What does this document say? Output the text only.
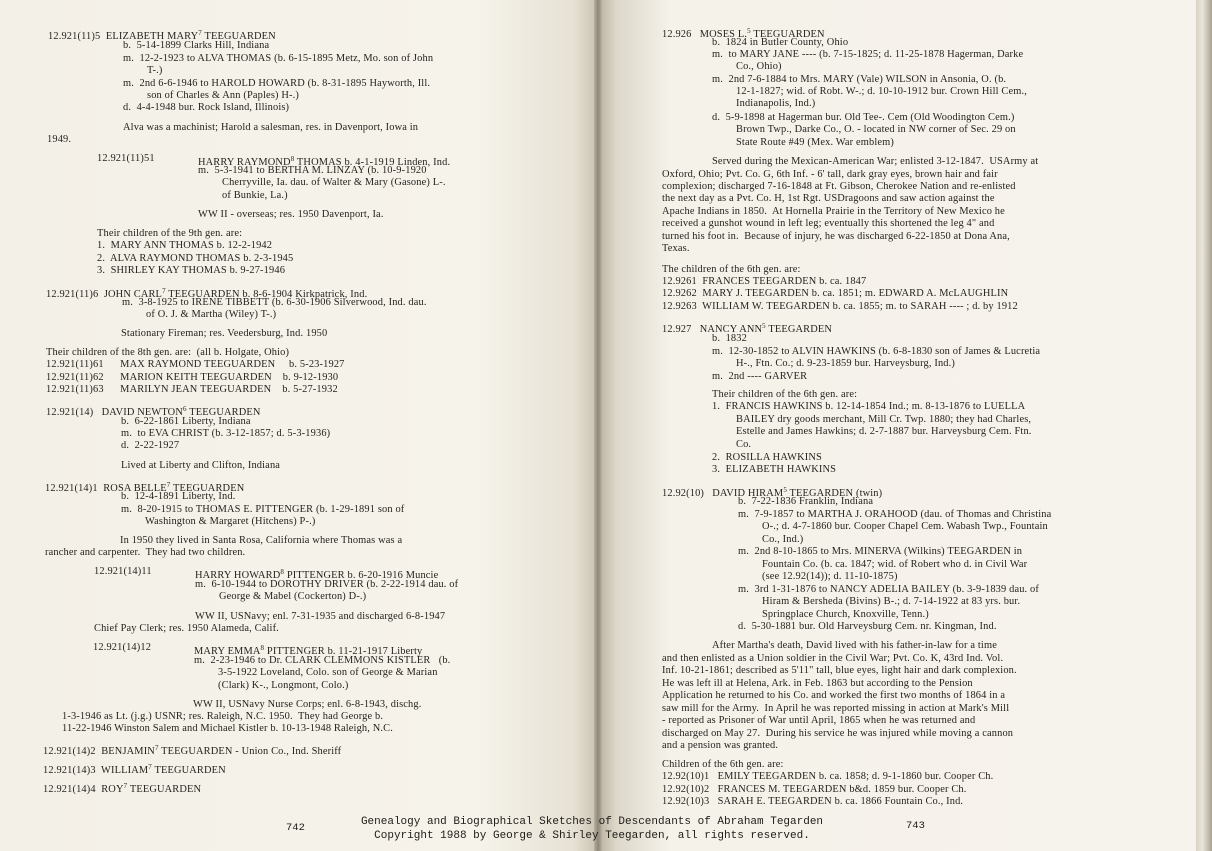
12.921(11)5  ELIZABETH MARY$^7$ TEEGUARDEN

b.  5-14-1899 Clarks Hill, Indiana

m.  12-2-1923 to ALVA THOMAS (b. 6-15-1895 Metz, Mo. son of John

T-.)

m.  2nd 6-6-1946 to HAROLD HOWARD (b. 8-31-1895 Hayworth, Ill.

son of Charles & Ann (Paples) H-.)

d.  4-4-1948 bur. Rock Island, Illinois)

Alva was a machinist; Harold a salesman, res. in Davenport, Iowa in

1949.

12.921(11)51	HARRY RAYMOND$^8$ THOMAS b. 4-1-1919 Linden, Ind.

m.  5-3-1941 to BERTHA M. LINZAY (b. 10-9-1920

Cherryville, Ia. dau. of Walter & Mary (Gasone) L-.

of Bunkie, La.)

WW II - overseas; res. 1950 Davenport, Ia.

Their children of the 9th gen. are:

1.  MARY ANN THOMAS b. 12-2-1942

2.  ALVA RAYMOND THOMAS b. 2-3-1945

3.  SHIRLEY KAY THOMAS b. 9-27-1946

12.921(11)6  JOHN CARL$^7$ TEEGUARDEN b. 8-6-1904 Kirkpatrick, Ind.

m.  3-8-1925 to IRENE TIBBETT (b. 6-30-1906 Silverwood, Ind. dau.

of O. J. & Martha (Wiley) T-.)

Stationary Fireman; res. Veedersburg, Ind. 1950

Their children of the 8th gen. are:  (all b. Holgate, Ohio)

12.921(11)61      MAX RAYMOND TEEGUARDEN     b. 5-23-1927

12.921(11)62      MARION KEITH TEEGUARDEN    b. 9-12-1930

12.921(11)63      MARILYN JEAN TEEGUARDEN    b. 5-27-1932

12.921(14)   DAVID NEWTON$^6$ TEEGUARDEN

b.  6-22-1861 Liberty, Indiana

m.  to EVA CHRIST (b. 3-12-1857; d. 5-3-1936)

d.  2-22-1927

Lived at Liberty and Clifton, Indiana

12.921(14)1  ROSA BELLE$^7$ TEEGUARDEN

b.  12-4-1891 Liberty, Ind.

m.  8-20-1915 to THOMAS E. PITTENGER (b. 1-29-1891 son of

Washington & Margaret (Hitchens) P-.)

In 1950 they lived in Santa Rosa, California where Thomas was a

rancher and carpenter.  They had two children.

12.921(14)11	HARRY HOWARD$^8$ PITTENGER b. 6-20-1916 Muncie

m.  6-10-1944 to DOROTHY DRIVER (b. 2-22-1914 dau. of

George & Mabel (Cockerton) D-.)

WW II, USNavy; enl. 7-31-1935 and discharged 6-8-1947

Chief Pay Clerk; res. 1950 Alameda, Calif.

12.921(14)12	MARY EMMA$^8$ PITTENGER b. 11-21-1917 Liberty

m.  2-23-1946 to Dr. CLARK CLEMMONS KISTLER   (b.

3-5-1922 Loveland, Colo. son of George & Marian

(Clark) K-., Longmont, Colo.)

WW II, USNavy Nurse Corps; enl. 6-8-1943, dischg.

1-3-1946 as Lt. (j.g.) USNR; res. Raleigh, N.C. 1950.  They had George b.

11-22-1946 Winston Salem and Michael Kistler b. 10-13-1948 Raleigh, N.C.

12.921(14)2  BENJAMIN$^7$ TEEGUARDEN - Union Co., Ind. Sheriff

12.921(14)3  WILLIAM$^7$ TEEGUARDEN

12.921(14)4  ROY$^7$ TEEGUARDEN

742

12.926   MOSES L.$^5$ TEEGUARDEN

b.  1824 in Butler County, Ohio

m.  to MARY JANE ---- (b. 7-15-1825; d. 11-25-1878 Hagerman, Darke

Co., Ohio)

m.  2nd 7-6-1884 to Mrs. MARY (Vale) WILSON in Ansonia, O. (b.

12-1-1827; wid. of Robt. W-.; d. 10-10-1912 bur. Crown Hill Cem.,

Indianapolis, Ind.)

d.  5-9-1898 at Hagerman bur. Old Tee-. Cem (Old Woodington Cem.)

Brown Twp., Darke Co., O. - located in NW corner of Sec. 29 on

State Route #49 (Mex. War emblem)

Served during the Mexican-American War; enlisted 3-12-1847.  USArmy at

Oxford, Ohio; Pvt. Co. G, 6th Inf. - 6' tall, dark gray eyes, brown hair and fair

complexion; discharged 7-16-1848 at Ft. Gibson, Cherokee Nation and re-enlisted

the next day as a Pvt. Co. H, 1st Rgt. USDragoons and saw action against the

Apache Indians in 1850.  At Hornella Prairie in the Territory of New Mexico he

received a gunshot wound in left leg; eventually this shortened the leg 4" and

turned his foot in.  Because of injury, he was discharged 6-22-1850 at Dona Ana,

Texas.

The children of the 6th gen. are:

12.9261  FRANCES TEEGARDEN b. ca. 1847

12.9262  MARY J. TEEGARDEN b. ca. 1851; m. EDWARD A. McLAUGHLIN

12.9263  WILLIAM W. TEEGARDEN b. ca. 1855; m. to SARAH ---- ; d. by 1912

12.927   NANCY ANN$^5$ TEEGARDEN

b.  1832

m.  12-30-1852 to ALVIN HAWKINS (b. 6-8-1830 son of James & Lucretia

H-., Ftn. Co.; d. 9-23-1859 bur. Harveysburg, Ind.)

m.  2nd ---- GARVER

Their children of the 6th gen. are:

1.  FRANCIS HAWKINS b. 12-14-1854 Ind.; m. 8-13-1876 to LUELLA

BAILEY dry goods merchant, Mill Cr. Twp. 1880; they had Charles,

Estelle and James Hawkins; d. 2-7-1887 bur. Harveysburg Cem. Ftn.

Co.

2.  ROSILLA HAWKINS

3.  ELIZABETH HAWKINS

12.92(10)   DAVID HIRAM$^5$ TEEGARDEN (twin)

b.  7-22-1836 Franklin, Indiana

m.  7-9-1857 to MARTHA J. ORAHOOD (dau. of Thomas and Christina

O-.; d. 4-7-1860 bur. Cooper Chapel Cem. Wabash Twp., Fountain

Co., Ind.)

m.  2nd 8-10-1865 to Mrs. MINERVA (Wilkins) TEEGARDEN in

Fountain Co. (b. ca. 1847; wid. of Robert who d. in Civil War

(see 12.92(14)); d. 11-10-1875)

m.  3rd 1-31-1876 to NANCY ADELIA BAILEY (b. 3-9-1839 dau. of

Hiram & Bersheda (Bivins) B-.; d. 7-14-1922 at 83 yrs. bur.

Springplace Church, Knoxville, Tenn.)

d.  5-30-1881 bur. Old Harveysburg Cem. nr. Kingman, Ind.

After Martha's death, David lived with his father-in-law for a time

and then enlisted as a Union soldier in the Civil War; Pvt. Co. K, 43rd Ind. Vol.

Inf. 10-21-1861; described as 5'11" tall, blue eyes, light hair and dark complexion.

He was left ill at Helena, Ark. in Feb. 1863 but according to the Pension

Application he returned to his Co. and worked the first two months of 1864 in a

saw mill for the Army.  In April he was reported missing in action at Mark's Mill

- reported as Prisoner of War until April, 1865 when he was returned and

discharged on May 27.  During his service he was injured while moving a cannon

and a pension was granted.

Children of the 6th gen. are:

12.92(10)1   EMILY TEEGARDEN b. ca. 1858; d. 9-1-1860 bur. Cooper Ch.

12.92(10)2   FRANCES M. TEEGARDEN b&d. 1859 bur. Cooper Ch.

12.92(10)3   SARAH E. TEEGARDEN b. ca. 1866 Fountain Co., Ind.

743

Genealogy and Biographical Sketches of Descendants of Abraham Tegarden
Copyright 1988 by George & Shirley Teegarden, all rights reserved.
